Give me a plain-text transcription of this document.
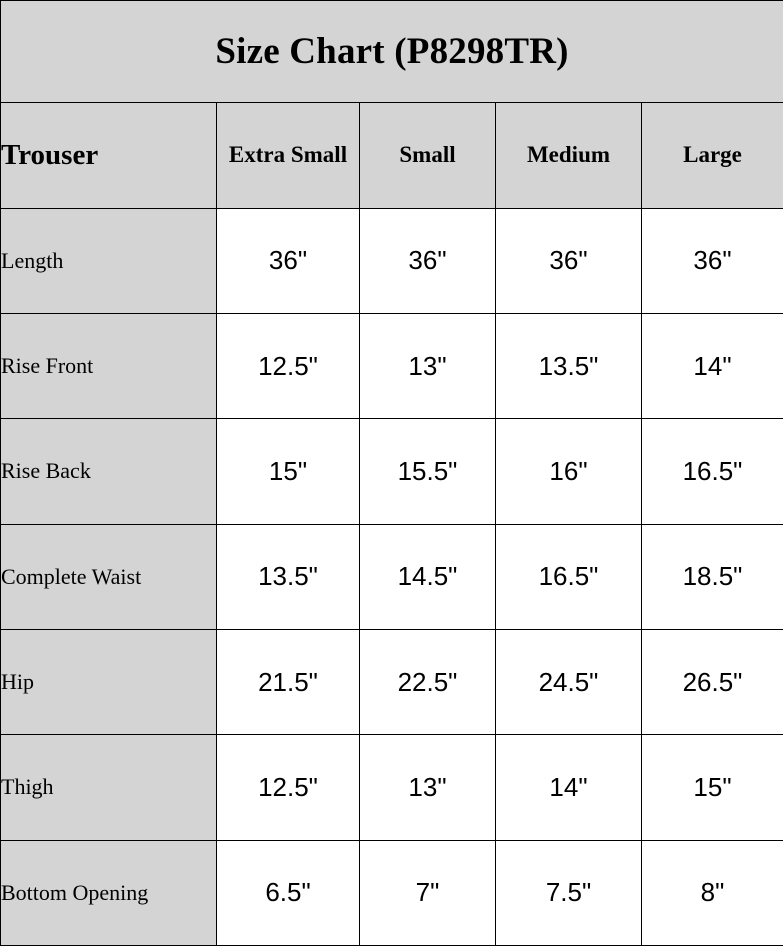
Size Chart (P8298TR)				
Trouser	Extra Small	Small	Medium	Large
Length	36"	36"	36"	36"
Rise Front	12.5"	13"	13.5"	14"
Rise Back	15"	15.5"	16"	16.5"
Complete Waist	13.5"	14.5"	16.5"	18.5"
Hip	21.5"	22.5"	24.5"	26.5"
Thigh	12.5"	13"	14"	15"
Bottom Opening	6.5"	7"	7.5"	8"
